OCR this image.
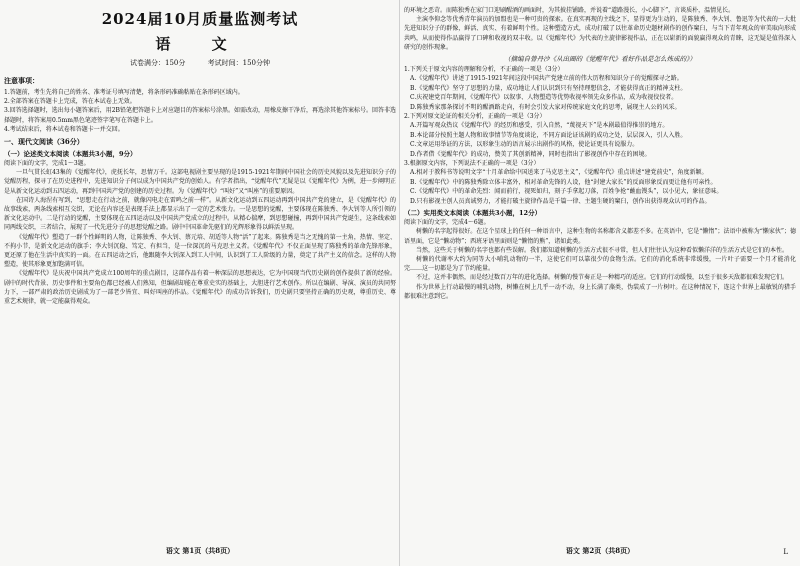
2024届10月质量监测考试
语 文
试卷满分：150分	考试时间：150分钟
注意事项：

1.答题前，考生先将自己的姓名、准考证号填写清楚，将条形码准确粘贴在条形码区域内。

2.全部答案在答题卡上完成，答在本试卷上无效。

3.回答选择题时，选出每小题答案后，用2B铅笔把答题卡上对应题目的答案标号涂黑。如需改动，用橡皮擦干净后，再选涂其他答案标号。回答非选择题时，将答案用0.5mm黑色笔迹签字笔写在答题卡上。

4.考试结束后，将本试卷和答题卡一并交回。

一、现代文阅读（36分）
（一）论述类文本阅读（本题共3小题，9分）

阅读下面的文字，完成1～3题。

一旦气贯长虹43集的《觉醒年代》，虎抚长年，思情万千。这部电视剧主要呈现的是1915-1921年期间中国社会的历史风貌以及先进知识分子的觉醒历程，探寻了在历史进程中，先进知识分子何以成为中国共产党的创始人。有学者指出，“觉醒年代”无疑是以《觉醒年代》为例，进一步阐明正是从新文化运动到五四运动，再到中国共产党的创建的历史过程。为《觉醒年代》“叫好”又“叫座”的重要原因。

在国诗人海涅有写到，“思想走在行动之前，就像闪电走在雷鸣之前一样”。从新文化运动到五四运动再到中国共产党的建立，是《觉醒年代》的故事线索，两条线索相互交织，无论在内容还是表现手法上都显示出了一定的艺术张力。一是思想的觉醒，主要体现在陈独秀、李大钊等人所引领的新文化运动中。二是行动的觉醒，主要体现在五四运动以及中国共产党成立的过程中。从精心揣摩，到思想碰撞，再到中国共产党诞生，这条线索如同两线交织，三者结合，展现了一代先进分子的思想觉醒之路。剧中中国革命先驱们的光辉形象得以鲜活呈现。

《觉醒年代》塑造了一群个性鲜明的人物，让陈独秀、李大钊、蔡元培、胡适等人物“活”了起来。陈独秀是当之无愧的第一主角，热情、坚定、不拘小节，是新文化运动的旗手；李大钊沉稳、笃定、有担当，是一位深沉的马克思主义者。《觉醒年代》不仅正面呈现了陈独秀的革命先锋形象，更还原了他在生活中真实的一面。在五四运动之后，他跟随李大钊深入到工人中间，认识到了工人阶级的力量，奠定了共产主义的信念。这样的人物塑造，使其形象更加饱满可信。

《觉醒年代》是庆祝中国共产党成立100周年的重点剧目，这部作品有着一种深层的思想表达，它为中国现当代历史剧的创作提供了新的经验。剧中的时代背景、历史事件和主要角色都已经被人们熟知，但编剧却能在尊重史实的基础上，大胆进行艺术创作。所以在编剧、导演、演员的共同努力下，一部严肃的政治历史剧成为了一部老少皆宜、叫好叫座的作品。《觉醒年代》的成功告诉我们，历史剧只要坚持正确的历史观，尊重历史、尊重艺术规律，就一定能赢得观众。

语文 第1页（共8页）

的环境之恶苛。而陈独秀在家门口迎刷醒酒的画面时，为其披挂铺路，并说着“道路漫长，小心脚下”，言谈质朴，温情见长。

主演李仰念等优秀青年演员的加盟也是一种可贵的探索。在真实再现的主线之下，显得更为生动的，是陈独秀、李大钊、鲁迅等为代表的一大批先进知识分子的群像，鲜活、真实、有着鲜明个性。这种塑造方式，成功打破了以往革命历史题材剧作的创作窠臼，与当下青年观众的审美取向形成共鸣，从而使得作品赢得了口碑和收视的双丰收。以《觉醒年代》为代表的主旋律影视作品，正在以崭新的面貌赢得观众的青睐，这无疑是值得深入研究的创作现象。

（摘编自曾丹沙《从出圈的《觉醒年代》看好作品是怎么炼成的》）

1.下列关于原文内容的理解和分析，不正确的一项是（3分）

A.《觉醒年代》讲述了1915-1921年间这段中国共产党建立前的伟大历程和知识分子的觉醒探寻之路。

B.《觉醒年代》坚守了思想的力量，成功地让人们认识到只有坚持理想信念，才能获得真正的精神支柱。

C.庆祝建党百年期间，《觉醒年代》以叙事、人物塑造等优势收视率领先众多作品，成为收视佼佼者。

D.陈独秀家那条探讨不明的醒酒路走向，有时会引发大家对传统家庭文化的思考，展现主人公的风采。

2.下列对原文论证的相关分析，正确的一项是（3分）

A.开篇写观众热议《觉醒年代》的经历和感受，引入自然，“蔑视天下”是本剧最值得推崇的地方。

B.本论部分按照主题人物和故事情节等角度谈论，不同方面论证该剧的成功之处，层层深入，引人入胜。

C.文章运用举证的方法，以形象生动的语言展示出剧作的风格，使论证更具有说服力。

D.作者借《觉醒年代》的成功，赞美了其创新精神，同时也指出了影视创作中存在的困境。

3.根据原文内容，下列说法不正确的一项是（3分）

A.相对于教科书等说明文字“十月革命给中国送来了马克思主义”，《觉醒年代》重点讲述“建党前史”，角度新颖。

B.《觉醒年代》中的陈独秀除立体丰富外，相对革命先锋的人设，他“封建大家长”的反面形象反而更让他有可亲性。

C.《觉醒年代》中的革命先烈：闻而前行，视死如归，刻子手拿起刀落，百姓争抢“蘸血馒头”，以小见大，象征意味。

D.只有影视主创人员真诚努力，才能打破主旋律作品是千篇一律、主题生硬的窠臼，创作出获得观众认可的作品。

（二）实用类文本阅读（本题共3小题，12分）

阅读下面的文字，完成4～6题。

树懒的名字起得很好。在这个星球上的任何一种语言中，这种生物的名称都含义都差不多。在英语中，它是“懒惰”；法语中被称为“懒家伙”；德语里面，它是“懒动物”；西班牙语里面则是“懒惰的熊”，诸如此类。

当然，这些关于树懒的名字也都有些误解。我们都知道树懒的生活方式很不寻常，但人们往往认为这种看似懒洋洋的生活方式是它们的本性。

树懒的代谢率大约为同等大小哺乳动物的一半，这使它们可以靠很少的食物生活。它们的消化系统非常缓慢，一片叶子需要一个月才能消化完……这一切都是为了节约能量。

不过，这并非偶然，而是经过数百万年的进化选择。树懒的慢节奏正是一种精巧的适应。它们的行动缓慢，以至于很多天敌都很难发现它们。

作为世界上行动最慢的哺乳动物，树懒在树上几乎一动不动，身上长满了藻类，伪装成了一片树叶。在这种情况下，连这个世界上最敏锐的猎手都很难注意到它。

语文 第2页（共8页）	L
